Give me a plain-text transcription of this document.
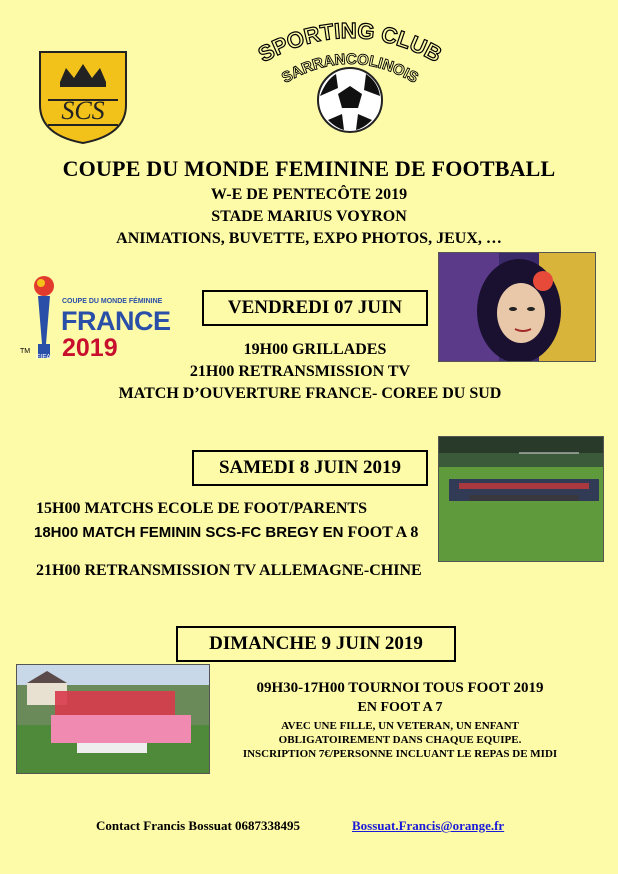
SCS
SPORTING CLUB
SARRANCOLINOIS
COUPE DU MONDE FEMININE DE FOOTBALL
W-E DE PENTECÔTE 2019
STADE MARIUS VOYRON
ANIMATIONS, BUVETTE, EXPO PHOTOS, JEUX, …
TM
FIFA
COUPE DU MONDE FÉMININE
FRANCE
2019
VENDREDI 07 JUIN
19H00 GRILLADES
21H00 RETRANSMISSION TV
MATCH D’OUVERTURE FRANCE- COREE DU SUD
SAMEDI 8 JUIN 2019
15H00 MATCHS ECOLE DE FOOT/PARENTS
18H00 MATCH FEMININ SCS-FC BREGY EN FOOT A 8
21H00 RETRANSMISSION TV ALLEMAGNE-CHINE
DIMANCHE 9 JUIN 2019
09H30-17H00 TOURNOI TOUS FOOT 2019
EN FOOT A 7
AVEC UNE FILLE, UN VETERAN, UN ENFANT
OBLIGATOIREMENT DANS CHAQUE EQUIPE.
INSCRIPTION 7€/PERSONNE INCLUANT LE REPAS DE MIDI
Contact Francis Bossuat 0687338495	Bossuat.Francis@orange.fr
